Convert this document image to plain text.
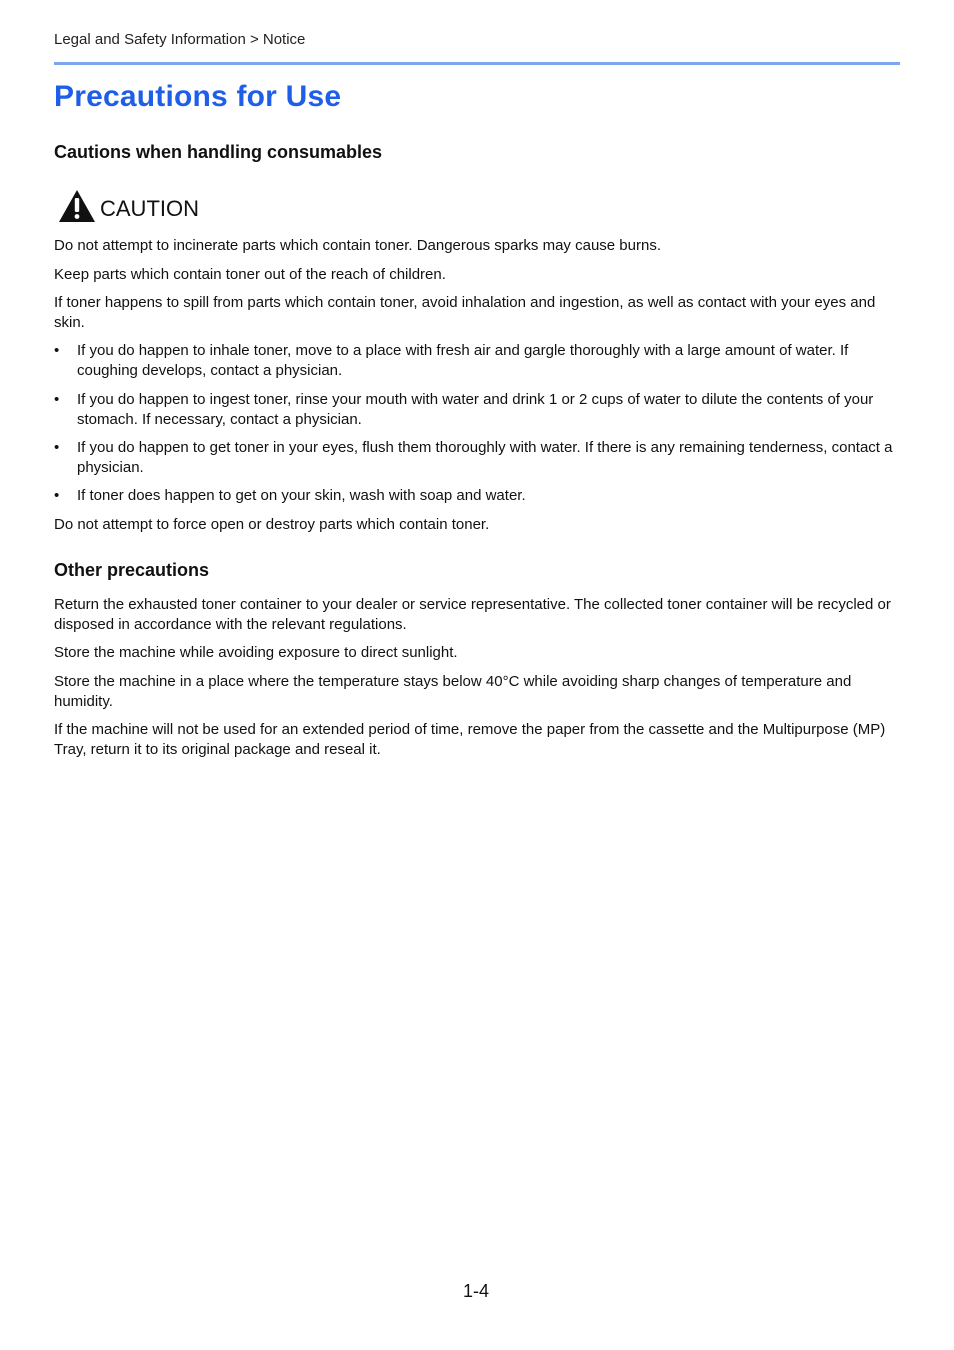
Legal and Safety Information > Notice
Precautions for Use
Cautions when handling consumables
CAUTION

Do not attempt to incinerate parts which contain toner. Dangerous sparks may cause burns.

Keep parts which contain toner out of the reach of children.

If toner happens to spill from parts which contain toner, avoid inhalation and ingestion, as well as contact with your eyes and skin.

• If you do happen to inhale toner, move to a place with fresh air and gargle thoroughly with a large amount of water. If coughing develops, contact a physician.
• If you do happen to ingest toner, rinse your mouth with water and drink 1 or 2 cups of water to dilute the contents of your stomach. If necessary, contact a physician.
• If you do happen to get toner in your eyes, flush them thoroughly with water. If there is any remaining tenderness, contact a physician.
• If toner does happen to get on your skin, wash with soap and water.

Do not attempt to force open or destroy parts which contain toner.

Other precautions

Return the exhausted toner container to your dealer or service representative. The collected toner container will be recycled or disposed in accordance with the relevant regulations.

Store the machine while avoiding exposure to direct sunlight.

Store the machine in a place where the temperature stays below 40°C while avoiding sharp changes of temperature and humidity.

If the machine will not be used for an extended period of time, remove the paper from the cassette and the Multipurpose (MP) Tray, return it to its original package and reseal it.

1-4
